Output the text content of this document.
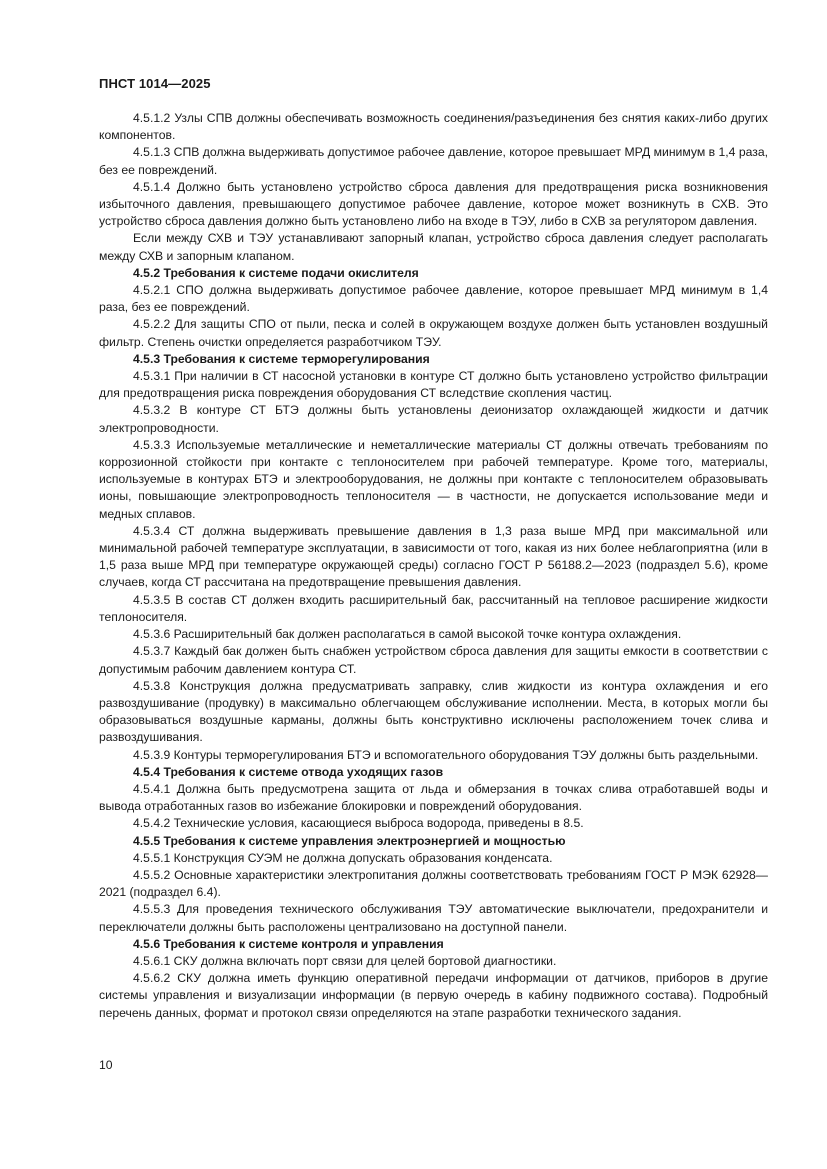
ПНСТ 1014—2025

4.5.1.2 Узлы СПВ должны обеспечивать возможность соединения/разъединения без снятия каких-либо других компонентов.

4.5.1.3 СПВ должна выдерживать допустимое рабочее давление, которое превышает МРД минимум в 1,4 раза, без ее повреждений.

4.5.1.4 Должно быть установлено устройство сброса давления для предотвращения риска возникновения избыточного давления, превышающего допустимое рабочее давление, которое может возникнуть в СХВ. Это устройство сброса давления должно быть установлено либо на входе в ТЭУ, либо в СХВ за регулятором давления.

Если между СХВ и ТЭУ устанавливают запорный клапан, устройство сброса давления следует располагать между СХВ и запорным клапаном.

4.5.2 Требования к системе подачи окислителя

4.5.2.1 СПО должна выдерживать допустимое рабочее давление, которое превышает МРД минимум в 1,4 раза, без ее повреждений.

4.5.2.2 Для защиты СПО от пыли, песка и солей в окружающем воздухе должен быть установлен воздушный фильтр. Степень очистки определяется разработчиком ТЭУ.

4.5.3 Требования к системе терморегулирования

4.5.3.1 При наличии в СТ насосной установки в контуре СТ должно быть установлено устройство фильтрации для предотвращения риска повреждения оборудования СТ вследствие скопления частиц.

4.5.3.2 В контуре СТ БТЭ должны быть установлены деионизатор охлаждающей жидкости и датчик электропроводности.

4.5.3.3 Используемые металлические и неметаллические материалы СТ должны отвечать требованиям по коррозионной стойкости при контакте с теплоносителем при рабочей температуре. Кроме того, материалы, используемые в контурах БТЭ и электрооборудования, не должны при контакте с теплоносителем образовывать ионы, повышающие электропроводность теплоносителя — в частности, не допускается использование меди и медных сплавов.

4.5.3.4 СТ должна выдерживать превышение давления в 1,3 раза выше МРД при максимальной или минимальной рабочей температуре эксплуатации, в зависимости от того, какая из них более неблагоприятна (или в 1,5 раза выше МРД при температуре окружающей среды) согласно ГОСТ Р 56188.2—2023 (подраздел 5.6), кроме случаев, когда СТ рассчитана на предотвращение превышения давления.

4.5.3.5 В состав СТ должен входить расширительный бак, рассчитанный на тепловое расширение жидкости теплоносителя.

4.5.3.6 Расширительный бак должен располагаться в самой высокой точке контура охлаждения.

4.5.3.7 Каждый бак должен быть снабжен устройством сброса давления для защиты емкости в соответствии с допустимым рабочим давлением контура СТ.

4.5.3.8 Конструкция должна предусматривать заправку, слив жидкости из контура охлаждения и его развоздушивание (продувку) в максимально облегчающем обслуживание исполнении. Места, в которых могли бы образовываться воздушные карманы, должны быть конструктивно исключены расположением точек слива и развоздушивания.

4.5.3.9 Контуры терморегулирования БТЭ и вспомогательного оборудования ТЭУ должны быть раздельными.

4.5.4 Требования к системе отвода уходящих газов

4.5.4.1 Должна быть предусмотрена защита от льда и обмерзания в точках слива отработавшей воды и вывода отработанных газов во избежание блокировки и повреждений оборудования.

4.5.4.2 Технические условия, касающиеся выброса водорода, приведены в 8.5.

4.5.5 Требования к системе управления электроэнергией и мощностью

4.5.5.1 Конструкция СУЭМ не должна допускать образования конденсата.

4.5.5.2 Основные характеристики электропитания должны соответствовать требованиям ГОСТ Р МЭК 62928—2021 (подраздел 6.4).

4.5.5.3 Для проведения технического обслуживания ТЭУ автоматические выключатели, предохранители и переключатели должны быть расположены централизовано на доступной панели.

4.5.6 Требования к системе контроля и управления

4.5.6.1 СКУ должна включать порт связи для целей бортовой диагностики.

4.5.6.2 СКУ должна иметь функцию оперативной передачи информации от датчиков, приборов в другие системы управления и визуализации информации (в первую очередь в кабину подвижного состава). Подробный перечень данных, формат и протокол связи определяются на этапе разработки технического задания.

10
